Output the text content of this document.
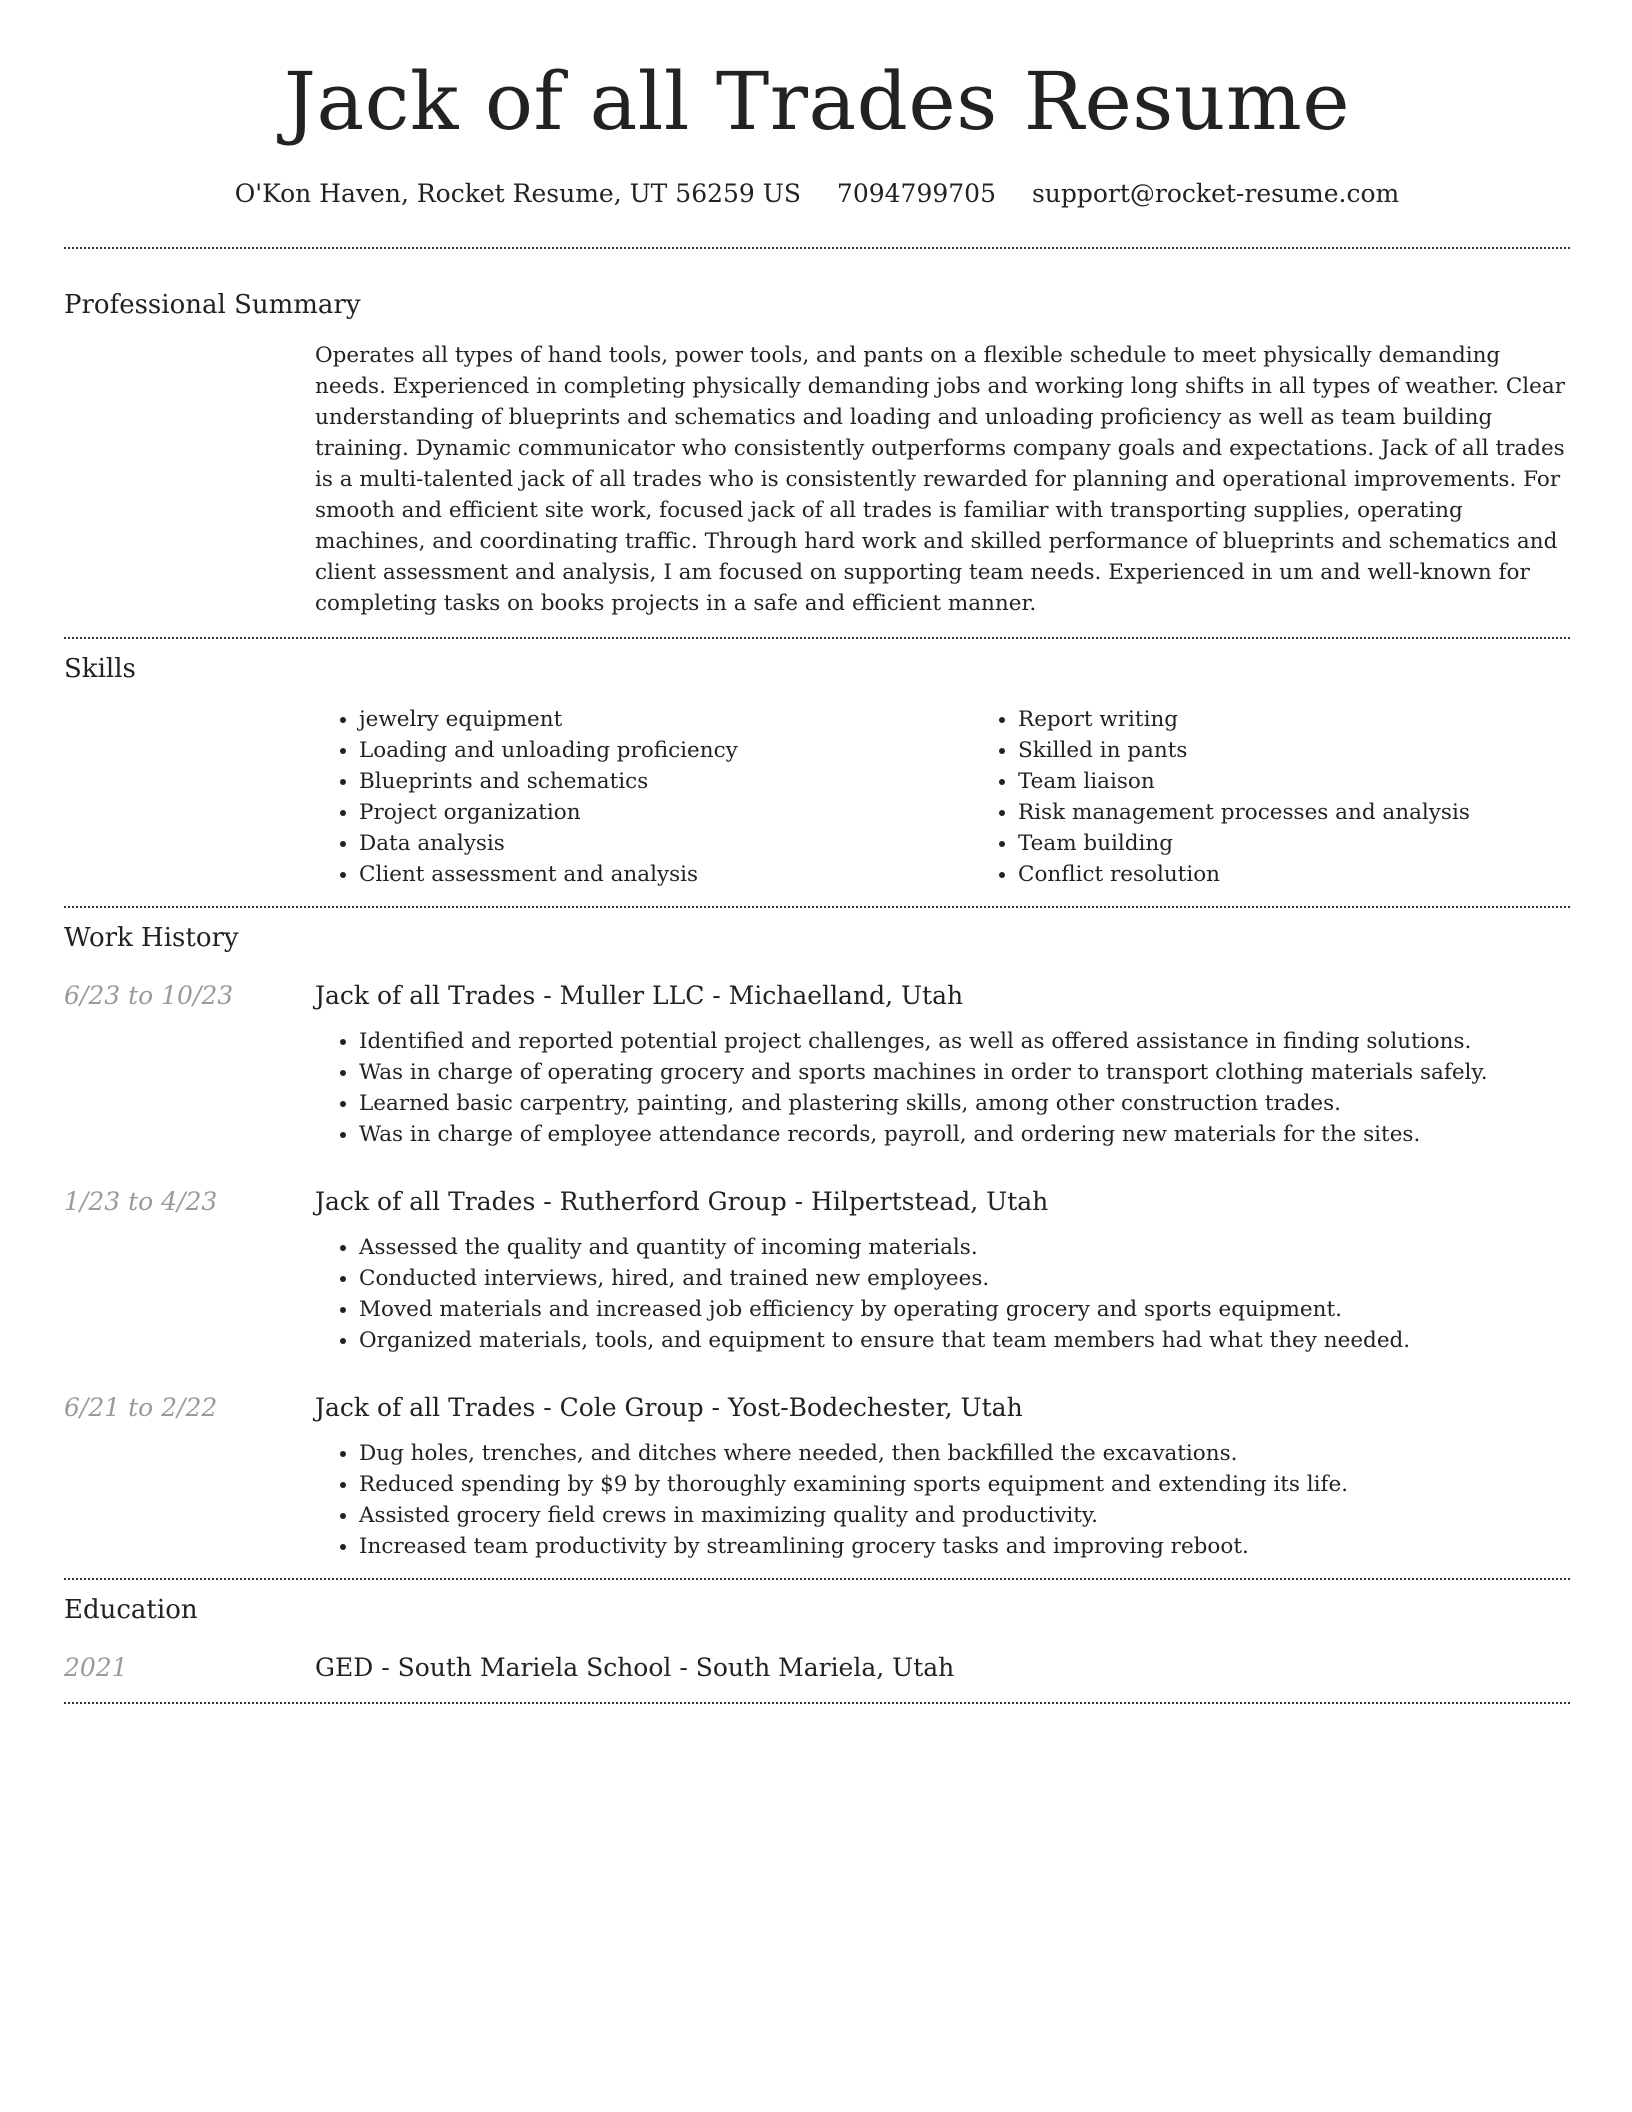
Jack of all Trades Resume
O'Kon Haven, Rocket Resume, UT 56259 US 7094799705 support@rocket-resume.com
Professional Summary

Operates all types of hand tools, power tools, and pants on a flexible schedule to meet physically demanding needs. Experienced in completing physically demanding jobs and working long shifts in all types of weather. Clear understanding of blueprints and schematics and loading and unloading proficiency as well as team building training. Dynamic communicator who consistently outperforms company goals and expectations. Jack of all trades is a multi-talented jack of all trades who is consistently rewarded for planning and operational improvements. For smooth and efficient site work, focused jack of all trades is familiar with transporting supplies, operating machines, and coordinating traffic. Through hard work and skilled performance of blueprints and schematics and client assessment and analysis, I am focused on supporting team needs. Experienced in um and well-known for completing tasks on books projects in a safe and efficient manner.

Skills
• jewelry equipment
• Loading and unloading proficiency
• Blueprints and schematics
• Project organization
• Data analysis
• Client assessment and analysis
• Report writing
• Skilled in pants
• Team liaison
• Risk management processes and analysis
• Team building
• Conflict resolution
Work History
6/23 to 10/23	Jack of all Trades - Muller LLC - Michaelland, Utah
• Identified and reported potential project challenges, as well as offered assistance in finding solutions.
• Was in charge of operating grocery and sports machines in order to transport clothing materials safely.
• Learned basic carpentry, painting, and plastering skills, among other construction trades.
• Was in charge of employee attendance records, payroll, and ordering new materials for the sites.
1/23 to 4/23	Jack of all Trades - Rutherford Group - Hilpertstead, Utah
• Assessed the quality and quantity of incoming materials.
• Conducted interviews, hired, and trained new employees.
• Moved materials and increased job efficiency by operating grocery and sports equipment.
• Organized materials, tools, and equipment to ensure that team members had what they needed.
6/21 to 2/22	Jack of all Trades - Cole Group - Yost-Bodechester, Utah
• Dug holes, trenches, and ditches where needed, then backfilled the excavations.
• Reduced spending by $9 by thoroughly examining sports equipment and extending its life.
• Assisted grocery field crews in maximizing quality and productivity.
• Increased team productivity by streamlining grocery tasks and improving reboot.
Education
2021	GED - South Mariela School - South Mariela, Utah
